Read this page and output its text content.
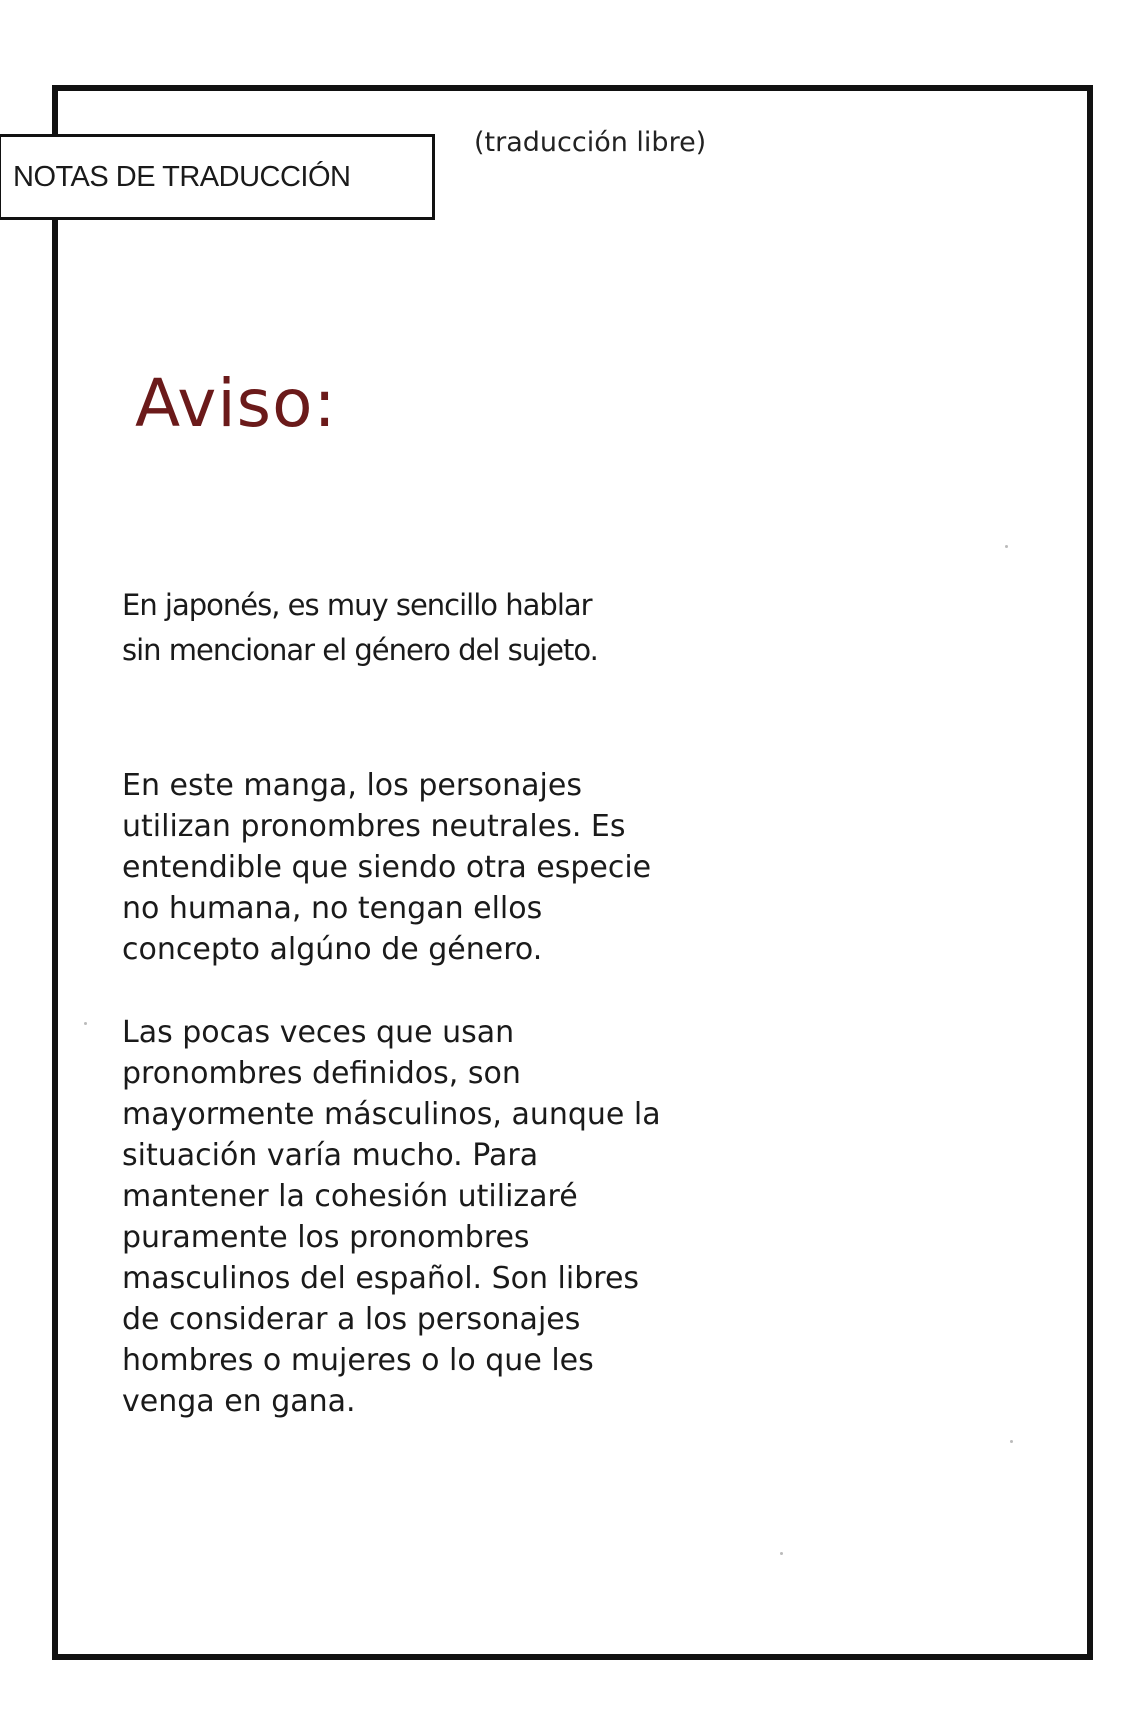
NOTAS DE TRADUCCIÓN
(traducción libre)
Aviso:

En japonés, es muy sencillo hablar
sin mencionar el género del sujeto.

En este manga, los personajes
utilizan pronombres neutrales. Es
entendible que siendo otra especie
no humana, no tengan ellos
concepto algúno de género.

Las pocas veces que usan
pronombres definidos, son
mayormente másculinos, aunque la
situación varía mucho. Para
mantener la cohesión utilizaré
puramente los pronombres
masculinos del español. Son libres
de considerar a los personajes
hombres o mujeres o lo que les
venga en gana.
